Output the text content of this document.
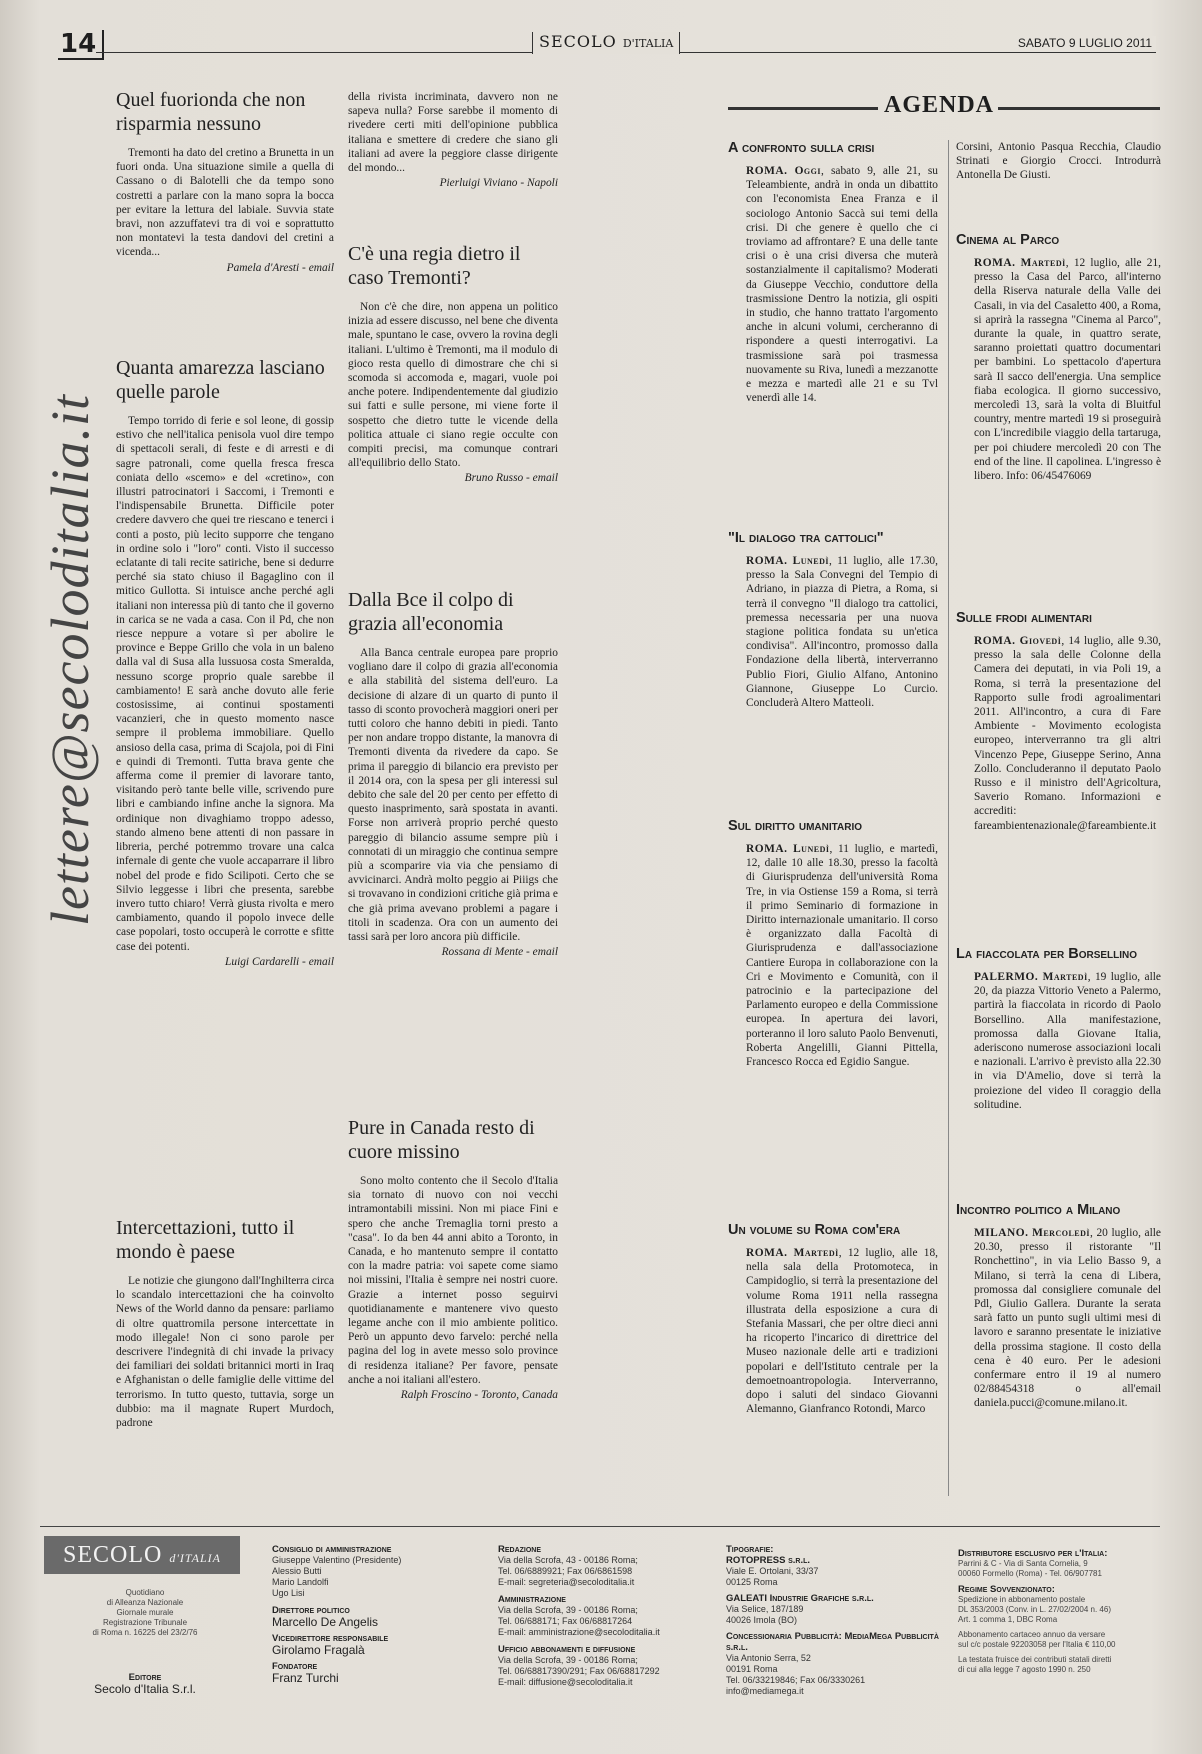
14	SECOLO D'ITALIA	SABATO 9 LUGLIO 2011
lettere@secoloditalia.it
Quel fuorionda che non risparmia nessuno

Tremonti ha dato del cretino a Brunetta in un fuori onda. Una situazione simile a quella di Cassano o di Balotelli che da tempo sono costretti a parlare con la mano sopra la bocca per evitare la lettura del labiale. Suvvia state bravi, non azzuffatevi tra di voi e soprattutto non montatevi la testa dandovi del cretini a vicenda...

Pamela d'Aresti - email

Quanta amarezza lasciano quelle parole

Tempo torrido di ferie e sol leone, di gossip estivo che nell'italica penisola vuol dire tempo di spettacoli serali, di feste e di arresti e di sagre patronali, come quella fresca fresca coniata dello «scemo» e del «cretino», con illustri patrocinatori i Saccomi, i Tremonti e l'indispensabile Brunetta. Difficile poter credere davvero che quei tre riescano e tenerci i conti a posto, più lecito supporre che tengano in ordine solo i "loro" conti. Visto il successo eclatante di tali recite satiriche, bene si dedurre perché sia stato chiuso il Bagaglino con il mitico Gullotta. Si intuisce anche perché agli italiani non interessa più di tanto che il governo in carica se ne vada a casa. Con il Pd, che non riesce neppure a votare sì per abolire le province e Beppe Grillo che vola in un baleno dalla val di Susa alla lussuosa costa Smeralda, nessuno scorge proprio quale sarebbe il cambiamento! E sarà anche dovuto alle ferie costosissime, ai continui spostamenti vacanzieri, che in questo momento nasce sempre il problema immobiliare. Quello ansioso della casa, prima di Scajola, poi di Fini e quindi di Tremonti. Tutta brava gente che afferma come il premier di lavorare tanto, visitando però tante belle ville, scrivendo pure libri e cambiando infine anche la signora. Ma ordinique non divaghiamo troppo adesso, stando almeno bene attenti di non passare in libreria, perché potremmo trovare una calca infernale di gente che vuole accaparrare il libro nobel del prode e fido Scilipoti. Certo che se Silvio leggesse i libri che presenta, sarebbe invero tutto chiaro! Verrà giusta rivolta e mero cambiamento, quando il popolo invece delle case popolari, tosto occuperà le corrotte e sfitte case dei potenti.

Luigi Cardarelli - email

Intercettazioni, tutto il mondo è paese

Le notizie che giungono dall'Inghilterra circa lo scandalo intercettazioni che ha coinvolto News of the World danno da pensare: parliamo di oltre quattromila persone intercettate in modo illegale! Non ci sono parole per descrivere l'indegnità di chi invade la privacy dei familiari dei soldati britannici morti in Iraq e Afghanistan o delle famiglie delle vittime del terrorismo. In tutto questo, tuttavia, sorge un dubbio: ma il magnate Rupert Murdoch, padrone

della rivista incriminata, davvero non ne sapeva nulla? Forse sarebbe il momento di rivedere certi miti dell'opinione pubblica italiana e smettere di credere che siano gli italiani ad avere la peggiore classe dirigente del mondo...

Pierluigi Viviano - Napoli

C'è una regia dietro il caso Tremonti?

Non c'è che dire, non appena un politico inizia ad essere discusso, nel bene che diventa male, spuntano le case, ovvero la rovina degli italiani. L'ultimo è Tremonti, ma il modulo di gioco resta quello di dimostrare che chi si scomoda si accomoda e, magari, vuole poi anche potere. Indipendentemente dal giudizio sui fatti e sulle persone, mi viene forte il sospetto che dietro tutte le vicende della politica attuale ci siano regie occulte con compiti precisi, ma comunque contrari all'equilibrio dello Stato.

Bruno Russo - email

Dalla Bce il colpo di grazia all'economia

Alla Banca centrale europea pare proprio vogliano dare il colpo di grazia all'economia e alla stabilità del sistema dell'euro. La decisione di alzare di un quarto di punto il tasso di sconto provocherà maggiori oneri per tutti coloro che hanno debiti in piedi. Tanto per non andare troppo distante, la manovra di Tremonti diventa da rivedere da capo. Se prima il pareggio di bilancio era previsto per il 2014 ora, con la spesa per gli interessi sul debito che sale del 20 per cento per effetto di questo inasprimento, sarà spostata in avanti. Forse non arriverà proprio perché questo pareggio di bilancio assume sempre più i connotati di un miraggio che continua sempre più a scomparire via via che pensiamo di avvicinarci. Andrà molto peggio ai Piiigs che si trovavano in condizioni critiche già prima e che già prima avevano problemi a pagare i titoli in scadenza. Ora con un aumento dei tassi sarà per loro ancora più difficile.

Rossana di Mente - email

Pure in Canada resto di cuore missino

Sono molto contento che il Secolo d'Italia sia tornato di nuovo con noi vecchi intramontabili missini. Non mi piace Fini e spero che anche Tremaglia torni presto a "casa". Io da ben 44 anni abito a Toronto, in Canada, e ho mantenuto sempre il contatto con la madre patria: voi sapete come siamo noi missini, l'Italia è sempre nei nostri cuore. Grazie a internet posso seguirvi quotidianamente e mantenere vivo questo legame anche con il mio ambiente politico. Però un appunto devo farvelo: perché nella pagina del log in avete messo solo province di residenza italiane? Per favore, pensate anche a noi italiani all'estero.

Ralph Froscino - Toronto, Canada

AGENDA
A confronto sulla crisi

ROMA. Oggi, sabato 9, alle 21, su Teleambiente, andrà in onda un dibattito con l'economista Enea Franza e il sociologo Antonio Saccà sui temi della crisi. Di che genere è quello che ci troviamo ad affrontare? E una delle tante crisi o è una crisi diversa che muterà sostanzialmente il capitalismo? Moderati da Giuseppe Vecchio, conduttore della trasmissione Dentro la notizia, gli ospiti in studio, che hanno trattato l'argomento anche in alcuni volumi, cercheranno di rispondere a questi interrogativi. La trasmissione sarà poi trasmessa nuovamente su Riva, lunedì a mezzanotte e mezza e martedì alle 21 e su Tvl venerdì alle 14.

"Il dialogo tra cattolici"

ROMA. Lunedì, 11 luglio, alle 17.30, presso la Sala Convegni del Tempio di Adriano, in piazza di Pietra, a Roma, si terrà il convegno "Il dialogo tra cattolici, premessa necessaria per una nuova stagione politica fondata su un'etica condivisa". All'incontro, promosso dalla Fondazione della libertà, interverranno Publio Fiori, Giulio Alfano, Antonino Giannone, Giuseppe Lo Curcio. Concluderà Altero Matteoli.

Sul diritto umanitario

ROMA. Lunedì, 11 luglio, e martedì, 12, dalle 10 alle 18.30, presso la facoltà di Giurisprudenza dell'università Roma Tre, in via Ostiense 159 a Roma, si terrà il primo Seminario di formazione in Diritto internazionale umanitario. Il corso è organizzato dalla Facoltà di Giurisprudenza e dall'associazione Cantiere Europa in collaborazione con la Cri e Movimento e Comunità, con il patrocinio e la partecipazione del Parlamento europeo e della Commissione europea. In apertura dei lavori, porteranno il loro saluto Paolo Benvenuti, Roberta Angelilli, Gianni Pittella, Francesco Rocca ed Egidio Sangue.

Un volume su Roma com'era

ROMA. Martedì, 12 luglio, alle 18, nella sala della Protomoteca, in Campidoglio, si terrà la presentazione del volume Roma 1911 nella rassegna illustrata della esposizione a cura di Stefania Massari, che per oltre dieci anni ha ricoperto l'incarico di direttrice del Museo nazionale delle arti e tradizioni popolari e dell'Istituto centrale per la demoetnoantropologia. Interverranno, dopo i saluti del sindaco Giovanni Alemanno, Gianfranco Rotondi, Marco

Corsini, Antonio Pasqua Recchia, Claudio Strinati e Giorgio Crocci. Introdurrà Antonella De Giusti.

Cinema al Parco

ROMA. Martedì, 12 luglio, alle 21, presso la Casa del Parco, all'interno della Riserva naturale della Valle dei Casali, in via del Casaletto 400, a Roma, si aprirà la rassegna "Cinema al Parco", durante la quale, in quattro serate, saranno proiettati quattro documentari per bambini. Lo spettacolo d'apertura sarà Il sacco dell'energia. Una semplice fiaba ecologica. Il giorno successivo, mercoledì 13, sarà la volta di Bluitful country, mentre martedì 19 si proseguirà con L'incredibile viaggio della tartaruga, per poi chiudere mercoledì 20 con The end of the line. Il capolinea. L'ingresso è libero. Info: 06/45476069

Sulle frodi alimentari

ROMA. Giovedì, 14 luglio, alle 9.30, presso la sala delle Colonne della Camera dei deputati, in via Poli 19, a Roma, si terrà la presentazione del Rapporto sulle frodi agroalimentari 2011. All'incontro, a cura di Fare Ambiente - Movimento ecologista europeo, interverranno tra gli altri Vincenzo Pepe, Giuseppe Serino, Anna Zollo. Concluderanno il deputato Paolo Russo e il ministro dell'Agricoltura, Saverio Romano. Informazioni e accrediti: fareambientenazionale@fareambiente.it

La fiaccolata per Borsellino

PALERMO. Martedì, 19 luglio, alle 20, da piazza Vittorio Veneto a Palermo, partirà la fiaccolata in ricordo di Paolo Borsellino. Alla manifestazione, promossa dalla Giovane Italia, aderiscono numerose associazioni locali e nazionali. L'arrivo è previsto alla 22.30 in via D'Amelio, dove si terrà la proiezione del video Il coraggio della solitudine.

Incontro politico a Milano

MILANO. Mercoledì, 20 luglio, alle 20.30, presso il ristorante "Il Ronchettino", in via Lelio Basso 9, a Milano, si terrà la cena di Libera, promossa dal consigliere comunale del Pdl, Giulio Gallera. Durante la serata sarà fatto un punto sugli ultimi mesi di lavoro e saranno presentate le iniziative della prossima stagione. Il costo della cena è 40 euro. Per le adesioni confermare entro il 19 al numero 02/88454318 o all'email daniela.pucci@comune.milano.it.

SECOLO d'ITALIA
Quotidiano
di Alleanza Nazionale
Giornale murale
Registrazione Tribunale
di Roma n. 16225 del 23/2/76
Editore
Secolo d'Italia S.r.l.
Consiglio di amministrazione
Giuseppe Valentino (Presidente)
Alessio Butti
Mario Landolfi
Ugo Lisi
Direttore politico
Marcello De Angelis
Vicedirettore responsabile
Girolamo Fragalà
Fondatore
Franz Turchi
Redazione
Via della Scrofa, 43 - 00186 Roma;
Tel. 06/6889921; Fax 06/6861598
E-mail: segreteria@secoloditalia.it
Amministrazione
Via della Scrofa, 39 - 00186 Roma;
Tel. 06/688171; Fax 06/68817264
E-mail: amministrazione@secoloditalia.it
Ufficio abbonamenti e diffusione
Via della Scrofa, 39 - 00186 Roma;
Tel. 06/68817390/291; Fax 06/68817292
E-mail: diffusione@secoloditalia.it
Tipografie:
ROTOPRESS s.r.l.
Viale E. Ortolani, 33/37
00125 Roma
GALEATI Industrie Grafiche s.r.l.
Via Selice, 187/189
40026 Imola (BO)
Concessionaria Pubblicità: MediaMega Pubblicità s.r.l.
Via Antonio Serra, 52
00191 Roma
Tel. 06/33219846; Fax 06/3330261
info@mediamega.it
Distributore esclusivo per l'Italia:
Parrini & C - Via di Santa Cornelia, 9
00060 Formello (Roma) - Tel. 06/907781
Regime Sovvenzionato:
Spedizione in abbonamento postale
DL 353/2003 (Conv. in L. 27/02/2004 n. 46)
Art. 1 comma 1, DBC Roma
Abbonamento cartaceo annuo da versare
sul c/c postale 92203058 per l'Italia € 110,00
La testata fruisce dei contributi statali diretti
di cui alla legge 7 agosto 1990 n. 250
